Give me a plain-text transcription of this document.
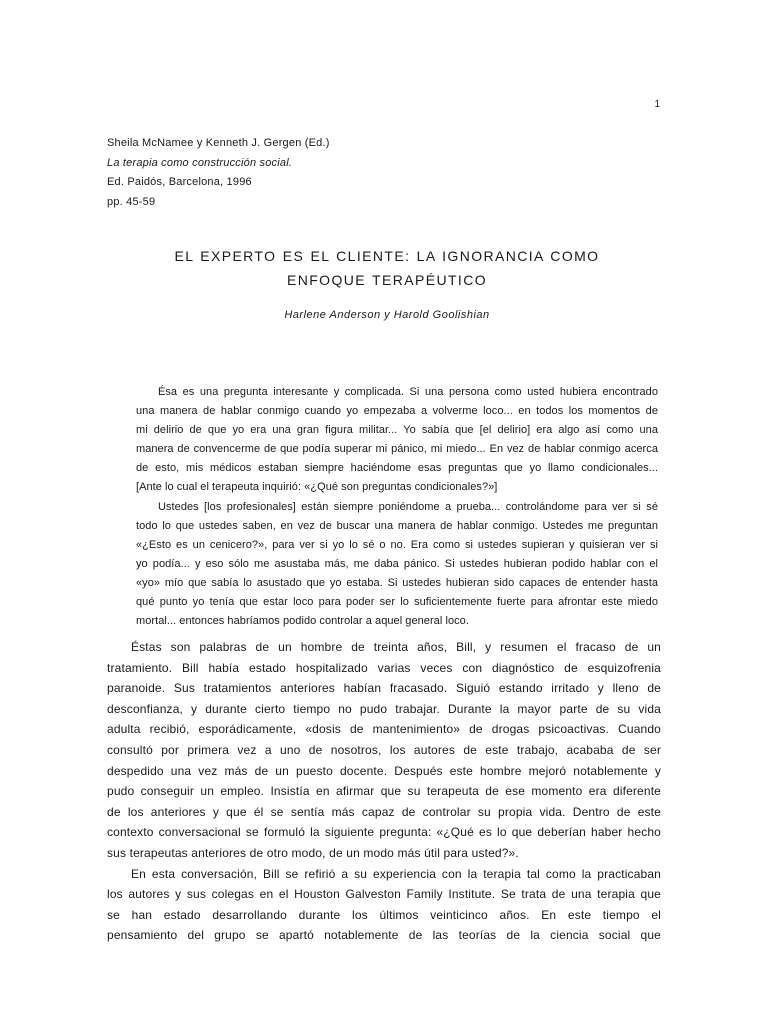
1
Sheila McNamee y Kenneth J. Gergen (Ed.)
La terapia como construcción social.
Ed. Paidós, Barcelona, 1996
pp. 45-59
EL EXPERTO ES EL CLIENTE: LA IGNORANCIA COMO
ENFOQUE TERAPÉUTICO
Harlene Anderson y Harold Goolishian
Ésa es una pregunta interesante y complicada. Si una persona como usted hubiera encontrado
una manera de hablar conmigo cuando yo empezaba a volverme loco... en todos los momentos de
mi delirio de que yo era una gran figura militar... Yo sabía que [el delirio] era algo así como una
manera de convencerme de que podía superar mi pánico, mi miedo... En vez de hablar conmigo acerca
de esto, mis médicos estaban siempre haciéndome esas preguntas que yo llamo condicionales...
[Ante lo cual el terapeuta inquirió: «¿Qué son preguntas condicionales?»]
Ustedes [los profesionales] están siempre poniéndome a prueba... controlándome para ver si sé
todo lo que ustedes saben, en vez de buscar una manera de hablar conmigo. Ustedes me preguntan
«¿Esto es un cenicero?», para ver si yo lo sé o no. Era como si ustedes supieran y quisieran ver si
yo podía... y eso sólo me asustaba más, me daba pánico. Si ustedes hubieran podido hablar con el
«yo» mío que sabía lo asustado que yo estaba. Si ustedes hubieran sido capaces de entender hasta
qué punto yo tenía que estar loco para poder ser lo suficientemente fuerte para afrontar este miedo
mortal... entonces habríamos podido controlar a aquel general loco.
Éstas son palabras de un hombre de treinta años, Bill, y resumen el fracaso de un
tratamiento. Bill había estado hospitalizado varias veces con diagnóstico de esquizofrenia
paranoide. Sus tratamientos anteriores habían fracasado. Siguió estando irritado y lleno de
desconfianza, y durante cierto tiempo no pudo trabajar. Durante la mayor parte de su vida
adulta recibió, esporádicamente, «dosis de mantenimiento» de drogas psicoactivas. Cuando
consultó por primera vez a uno de nosotros, los autores de este trabajo, acababa de ser
despedido una vez más de un puesto docente. Después este hombre mejoró notablemente y
pudo conseguir un empleo. Insistía en afirmar que su terapeuta de ese momento era diferente
de los anteriores y que él se sentía más capaz de controlar su propia vida. Dentro de este
contexto conversacional se formuló la siguiente pregunta: «¿Qué es lo que deberían haber hecho
sus terapeutas anteriores de otro modo, de un modo más útil para usted?».
En esta conversación, Bill se refirió a su experiencia con la terapia tal como la practicaban
los autores y sus colegas en el Houston Galveston Family Institute. Se trata de una terapia que
se han estado desarrollando durante los últimos veinticinco años. En este tiempo el
pensamiento del grupo se apartó notablemente de las teorías de la ciencia social que
